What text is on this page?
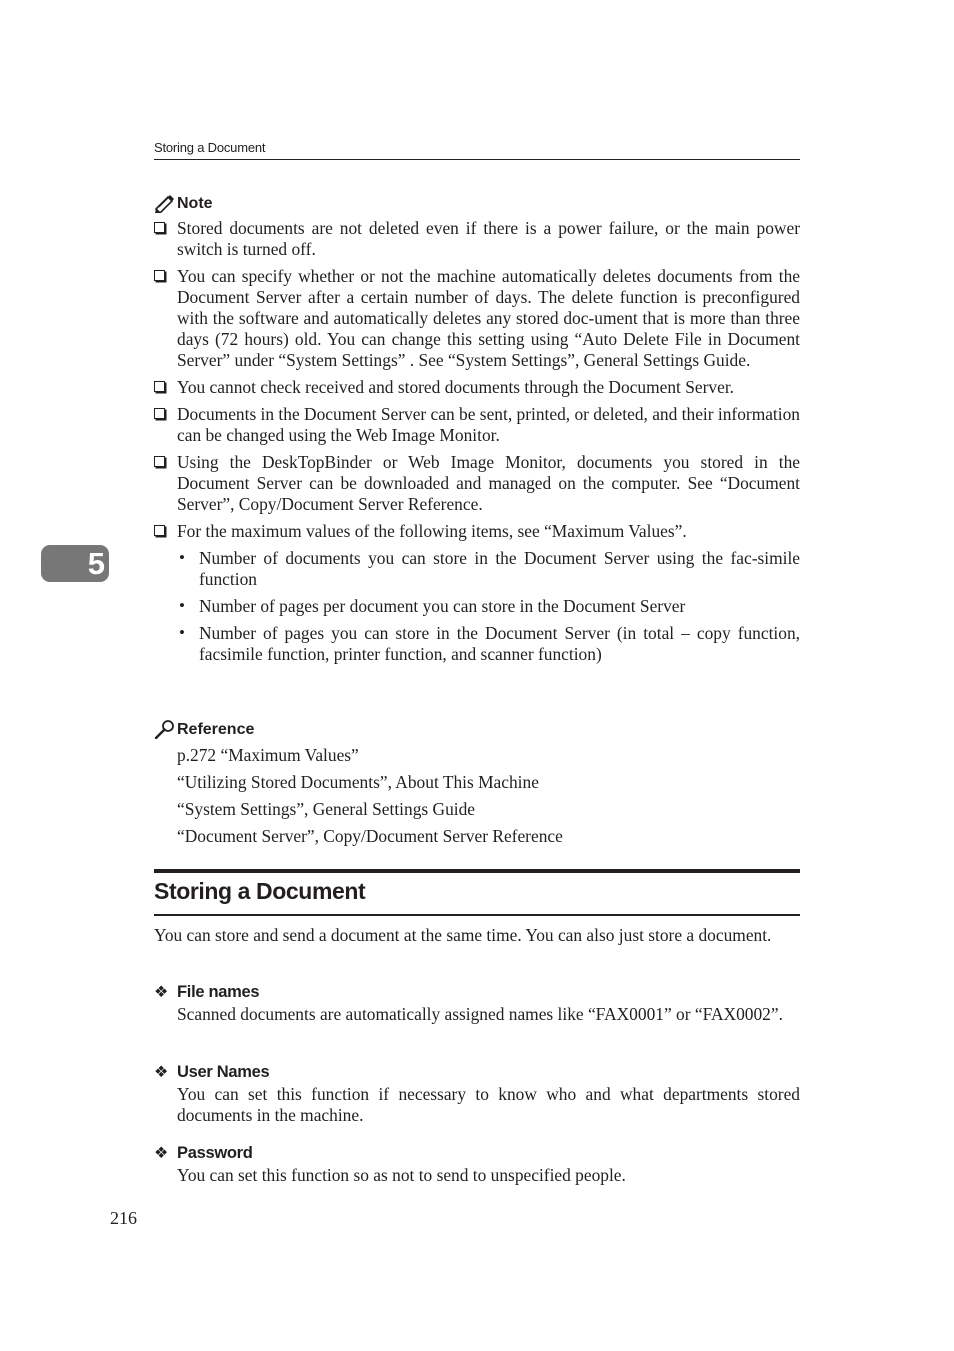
Storing a Document
5
Note

Stored documents are not deleted even if there is a power failure, or the main power switch is turned off.

You can specify whether or not the machine automatically deletes documents from the Document Server after a certain number of days. The delete function is preconfigured with the software and automatically deletes any stored doc-ument that is more than three days (72 hours) old. You can change this setting using “Auto Delete File in Document Server” under “System Settings” . See “System Settings”, General Settings Guide.

You cannot check received and stored documents through the Document Server.

Documents in the Document Server can be sent, printed, or deleted, and their information can be changed using the Web Image Monitor.

Using the DeskTopBinder or Web Image Monitor, documents you stored in the Document Server can be downloaded and managed on the computer. See “Document Server”, Copy/Document Server Reference.

For the maximum values of the following items, see “Maximum Values”.

• Number of documents you can store in the Document Server using the fac-simile function

• Number of pages per document you can store in the Document Server

• Number of pages you can store in the Document Server (in total – copy function, facsimile function, printer function, and scanner function)

Reference

p.272 “Maximum Values”

“Utilizing Stored Documents”, About This Machine

“System Settings”, General Settings Guide

“Document Server”, Copy/Document Server Reference

Storing a Document

You can store and send a document at the same time. You can also just store a document.

❖ File names

Scanned documents are automatically assigned names like “FAX0001” or “FAX0002”.

❖ User Names

You can set this function if necessary to know who and what departments stored documents in the machine.

❖ Password

You can set this function so as not to send to unspecified people.

216
